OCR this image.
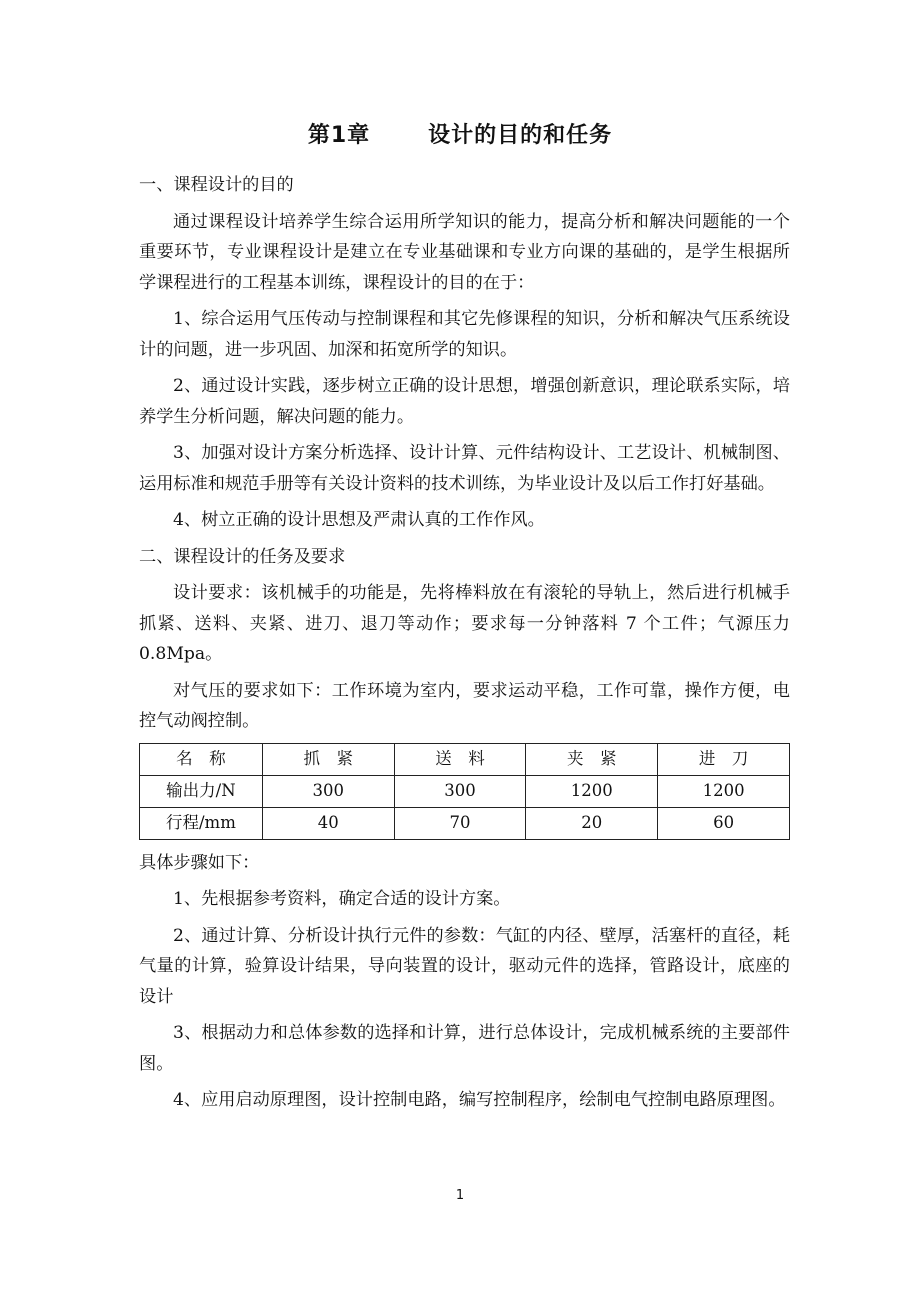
第1章	设计的目的和任务

一、课程设计的目的

通过课程设计培养学生综合运用所学知识的能力，提高分析和解决问题能的一个重要环节，专业课程设计是建立在专业基础课和专业方向课的基础的，是学生根据所学课程进行的工程基本训练，课程设计的目的在于：

1、综合运用气压传动与控制课程和其它先修课程的知识，分析和解决气压系统设计的问题，进一步巩固、加深和拓宽所学的知识。

2、通过设计实践，逐步树立正确的设计思想，增强创新意识，理论联系实际，培养学生分析问题，解决问题的能力。

3、加强对设计方案分析选择、设计计算、元件结构设计、工艺设计、机械制图、运用标准和规范手册等有关设计资料的技术训练，为毕业设计及以后工作打好基础。

4、树立正确的设计思想及严肃认真的工作作风。

二、课程设计的任务及要求

设计要求：该机械手的功能是，先将棒料放在有滚轮的导轨上，然后进行机械手抓紧、送料、夹紧、进刀、退刀等动作；要求每一分钟落料 7 个工件；气源压力 0.8Mpa。

对气压的要求如下：工作环境为室内，要求运动平稳，工作可靠，操作方便，电控气动阀控制。

名　称	抓　紧	送　料	夹　紧	进　刀
输出力/N	300	300	1200	1200
行程/mm	40	70	20	60

具体步骤如下：

1、先根据参考资料，确定合适的设计方案。

2、通过计算、分析设计执行元件的参数：气缸的内径、壁厚，活塞杆的直径，耗气量的计算，验算设计结果，导向装置的设计，驱动元件的选择，管路设计，底座的设计

3、根据动力和总体参数的选择和计算，进行总体设计，完成机械系统的主要部件图。

4、应用启动原理图，设计控制电路，编写控制程序，绘制电气控制电路原理图。

1
